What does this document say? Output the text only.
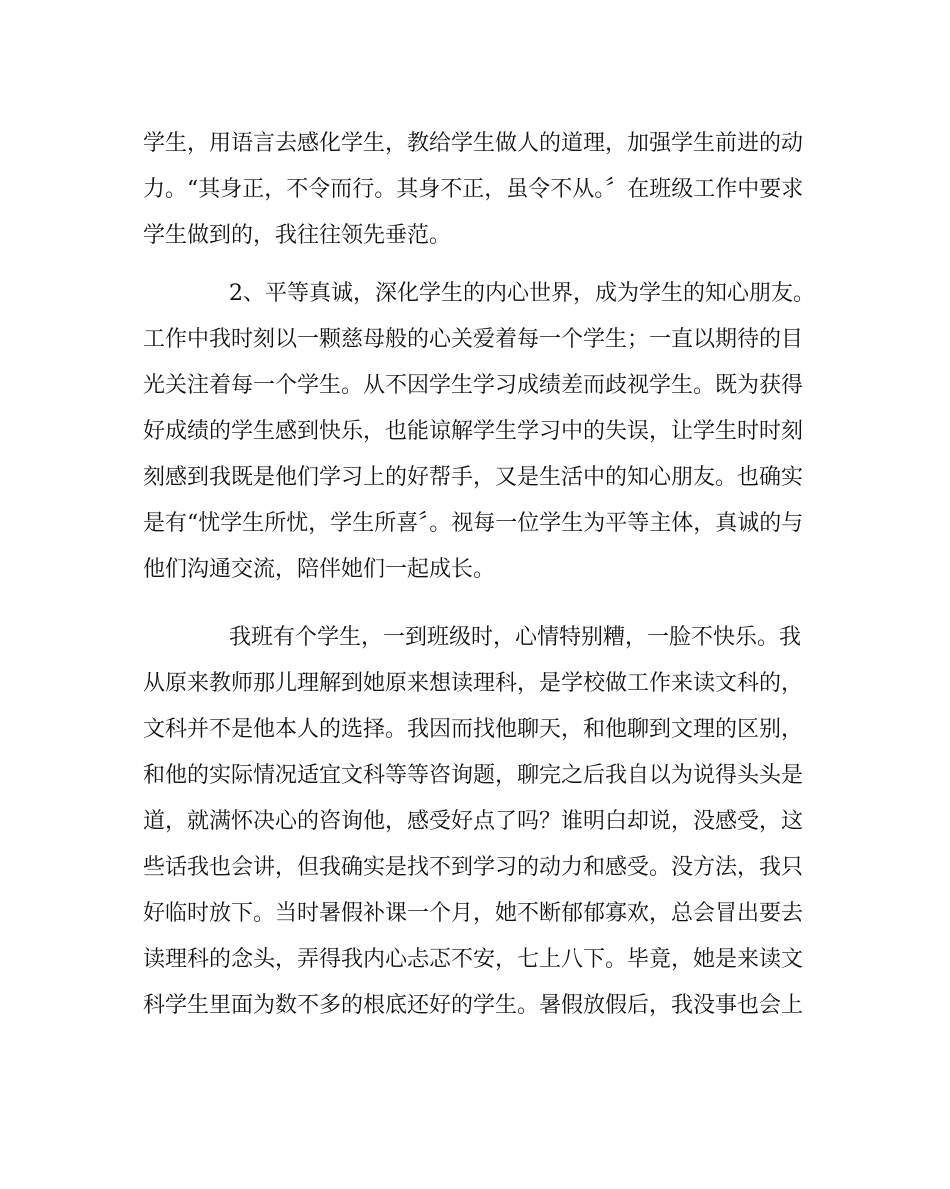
学生，用语言去感化学生，教给学生做人的道理，加强学生前进的动
力。“其身正，不令而行。其身不正，虽令不从。〞在班级工作中要求
学生做到的，我往往领先垂范。
2、平等真诚，深化学生的内心世界，成为学生的知心朋友。
工作中我时刻以一颗慈母般的心关爱着每一个学生；一直以期待的目
光关注着每一个学生。从不因学生学习成绩差而歧视学生。既为获得
好成绩的学生感到快乐，也能谅解学生学习中的失误，让学生时时刻
刻感到我既是他们学习上的好帮手，又是生活中的知心朋友。也确实
是有“忧学生所忧，学生所喜〞。视每一位学生为平等主体，真诚的与
他们沟通交流，陪伴她们一起成长。
我班有个学生，一到班级时，心情特别糟，一脸不快乐。我
从原来教师那儿理解到她原来想读理科，是学校做工作来读文科的，
文科并不是他本人的选择。我因而找他聊天，和他聊到文理的区别，
和他的实际情况适宜文科等等咨询题，聊完之后我自以为说得头头是
道，就满怀决心的咨询他，感受好点了吗？谁明白却说，没感受，这
些话我也会讲，但我确实是找不到学习的动力和感受。没方法，我只
好临时放下。当时暑假补课一个月，她不断郁郁寡欢，总会冒出要去
读理科的念头，弄得我内心忐忑不安，七上八下。毕竟，她是来读文
科学生里面为数不多的根底还好的学生。暑假放假后，我没事也会上
